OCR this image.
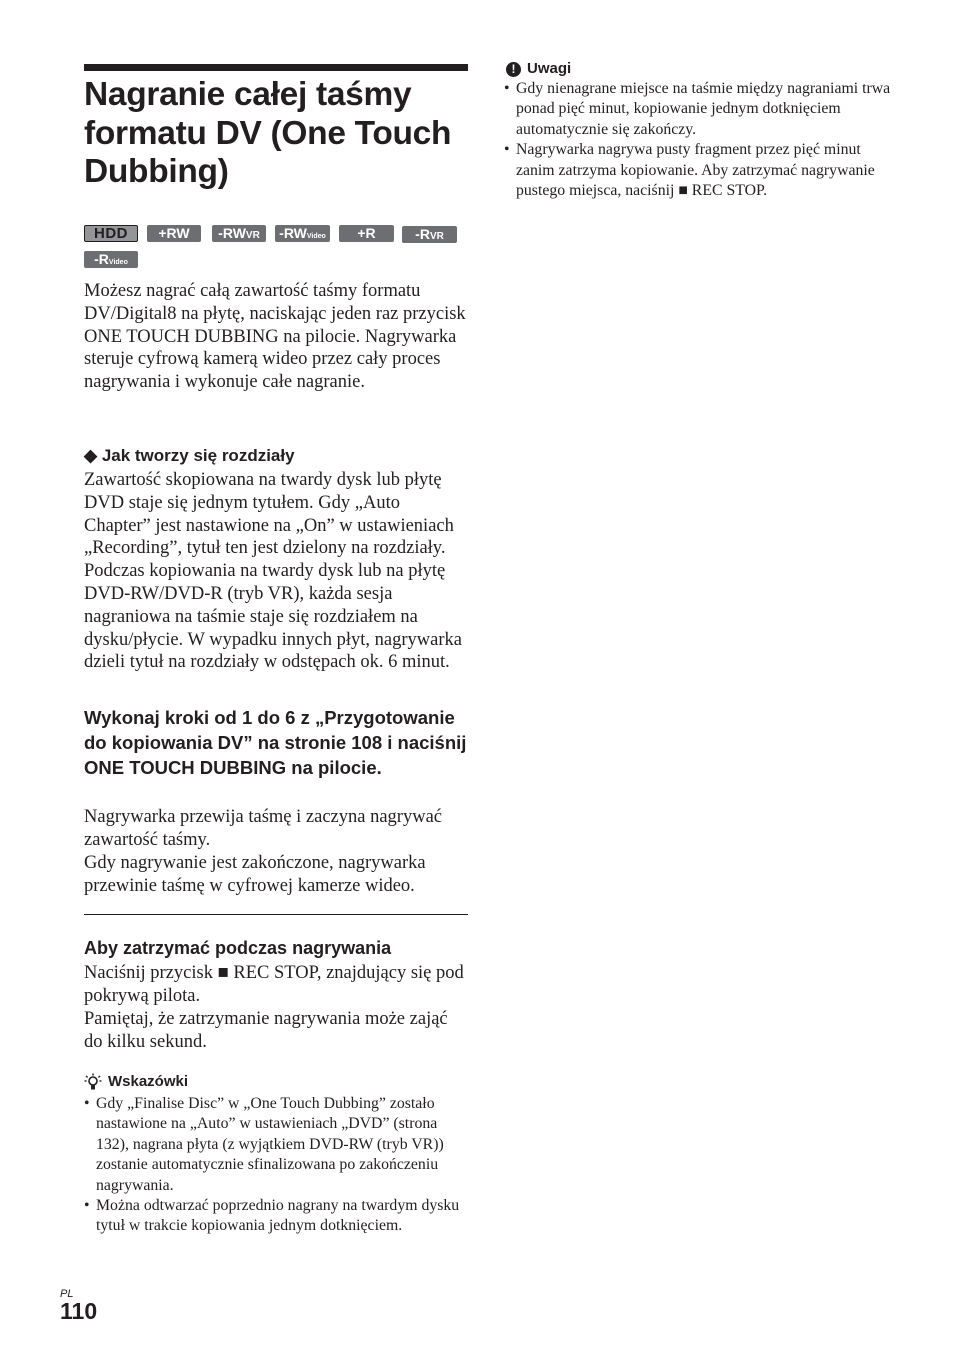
Nagranie całej taśmy formatu DV (One Touch Dubbing)
HDD	+RW	-RWVR	-RWVideo	+R	-RVR
-RVideo

Możesz nagrać całą zawartość taśmy formatu DV/Digital8 na płytę, naciskając jeden raz przycisk ONE TOUCH DUBBING na pilocie. Nagrywarka steruje cyfrową kamerą wideo przez cały proces nagrywania i wykonuje całe nagranie.

◆ Jak tworzy się rozdziały

Zawartość skopiowana na twardy dysk lub płytę DVD staje się jednym tytułem. Gdy „Auto Chapter” jest nastawione na „On” w ustawieniach „Recording”, tytuł ten jest dzielony na rozdziały. Podczas kopiowania na twardy dysk lub na płytę DVD-RW/DVD-R (tryb VR), każda sesja nagraniowa na taśmie staje się rozdziałem na dysku/płycie. W wypadku innych płyt, nagrywarka dzieli tytuł na rozdziały w odstępach ok. 6 minut.

Wykonaj kroki od 1 do 6 z „Przygotowanie do kopiowania DV” na stronie 108 i naciśnij ONE TOUCH DUBBING na pilocie.

Nagrywarka przewija taśmę i zaczyna nagrywać zawartość taśmy.

Gdy nagrywanie jest zakończone, nagrywarka przewinie taśmę w cyfrowej kamerze wideo.

Aby zatrzymać podczas nagrywania

Naciśnij przycisk ■ REC STOP, znajdujący się pod pokrywą pilota.

Pamiętaj, że zatrzymanie nagrywania może zająć do kilku sekund.

Wskazówki

• Gdy „Finalise Disc” w „One Touch Dubbing” zostało nastawione na „Auto” w ustawieniach „DVD” (strona 132), nagrana płyta (z wyjątkiem DVD-RW (tryb VR)) zostanie automatycznie sfinalizowana po zakończeniu nagrywania.
• Można odtwarzać poprzednio nagrany na twardym dysku tytuł w trakcie kopiowania jednym dotknięciem.

! Uwagi

• Gdy nienagrane miejsce na taśmie między nagraniami trwa ponad pięć minut, kopiowanie jednym dotknięciem automatycznie się zakończy.
• Nagrywarka nagrywa pusty fragment przez pięć minut zanim zatrzyma kopiowanie. Aby zatrzymać nagrywanie pustego miejsca, naciśnij ■ REC STOP.
PL
110
